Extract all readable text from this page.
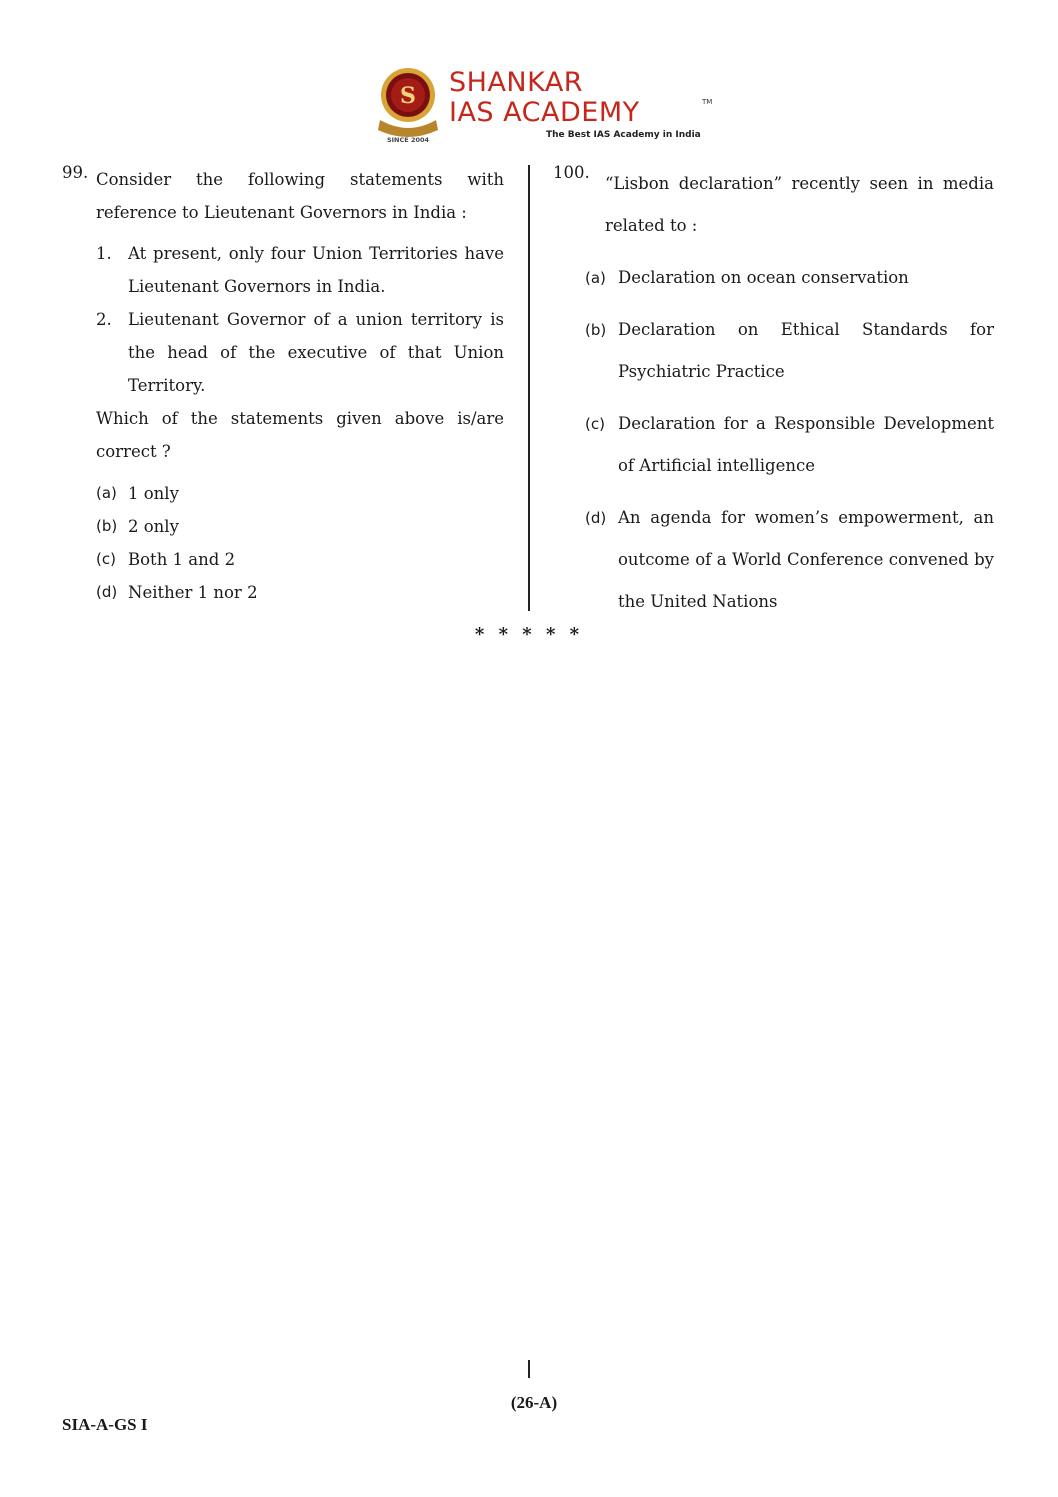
S
SINCE 2004
SHANKAR
IAS ACADEMY	TM
The Best IAS Academy in India
99. Consider the following statements with reference to Lieutenant Governors in India :
1. At present, only four Union Territories have Lieutenant Governors in India.
2. Lieutenant Governor of a union territory is the head of the executive of that Union Territory.
Which of the statements given above is/are correct ?
(a) 1 only
(b) 2 only
(c) Both 1 and 2
(d) Neither 1 nor 2
100.
“Lisbon declaration” recently seen in media related to :
(a) Declaration on ocean conservation
(b) Declaration on Ethical Standards for Psychiatric Practice
(c) Declaration for a Responsible Development of Artificial intelligence
(d) An agenda for women’s empowerment, an outcome of a World Conference convened by the United Nations
* * * * *
(26-A)
SIA-A-GS I
